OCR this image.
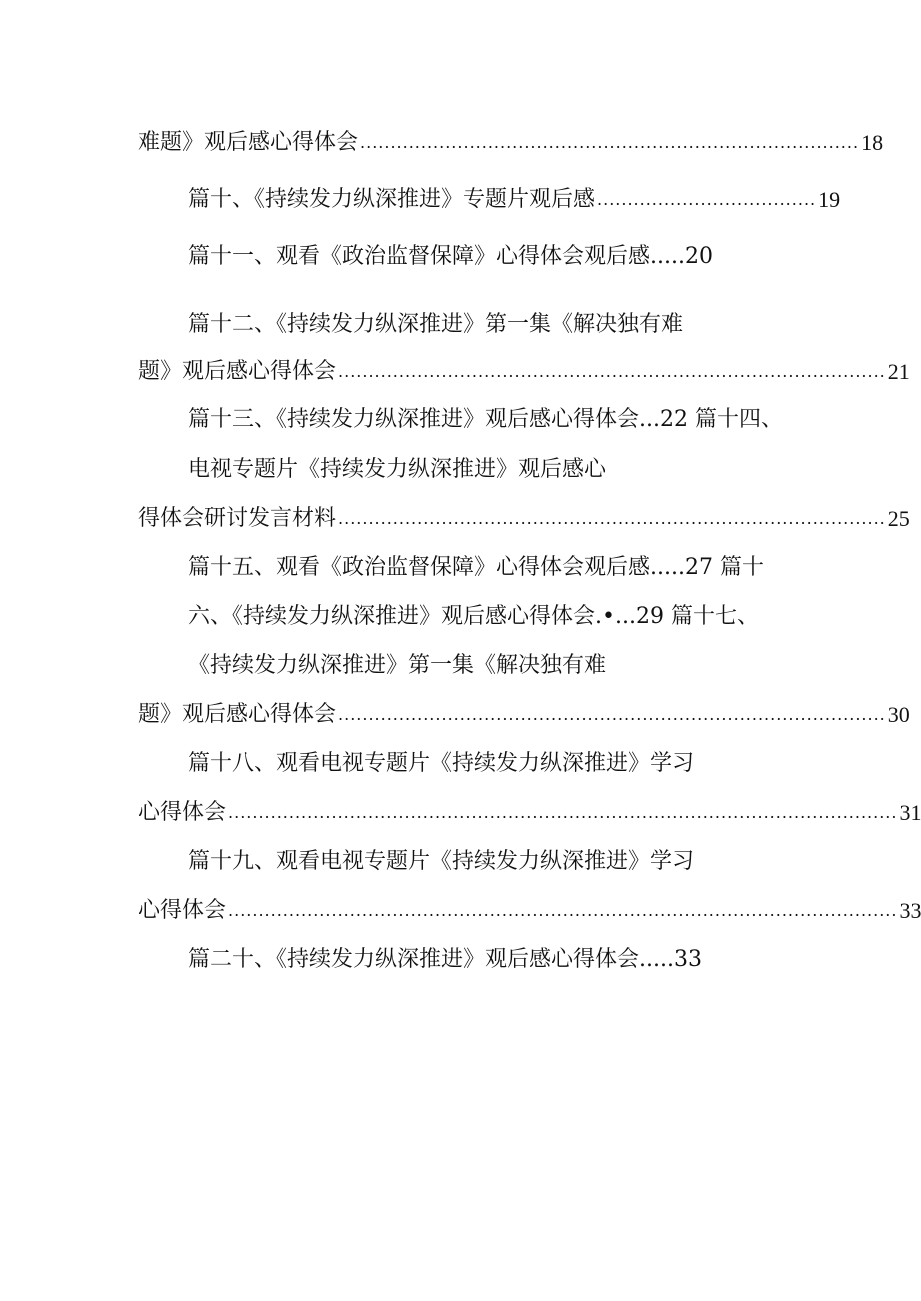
难题》观后感心得体会 .................................................................................. 18
篇十、《持续发力纵深推进》专题片观后感 .................................... 19
篇十一、观看《政治监督保障》心得体会观后感.....20
篇十二、《持续发力纵深推进》第一集《解决独有难
题》观后感心得体会 .......................................................................................... 21
篇十三、《持续发力纵深推进》观后感心得体会...22 篇十四、
电视专题片《持续发力纵深推进》观后感心
得体会研讨发言材料 .......................................................................................... 25
篇十五、观看《政治监督保障》心得体会观后感.....27 篇十
六、《持续发力纵深推进》观后感心得体会.•...29 篇十七、
《持续发力纵深推进》第一集《解决独有难
题》观后感心得体会 .......................................................................................... 30
篇十八、观看电视专题片《持续发力纵深推进》学习
心得体会 .............................................................................................................. 31
篇十九、观看电视专题片《持续发力纵深推进》学习
心得体会 .............................................................................................................. 33
篇二十、《持续发力纵深推进》观后感心得体会.....33
